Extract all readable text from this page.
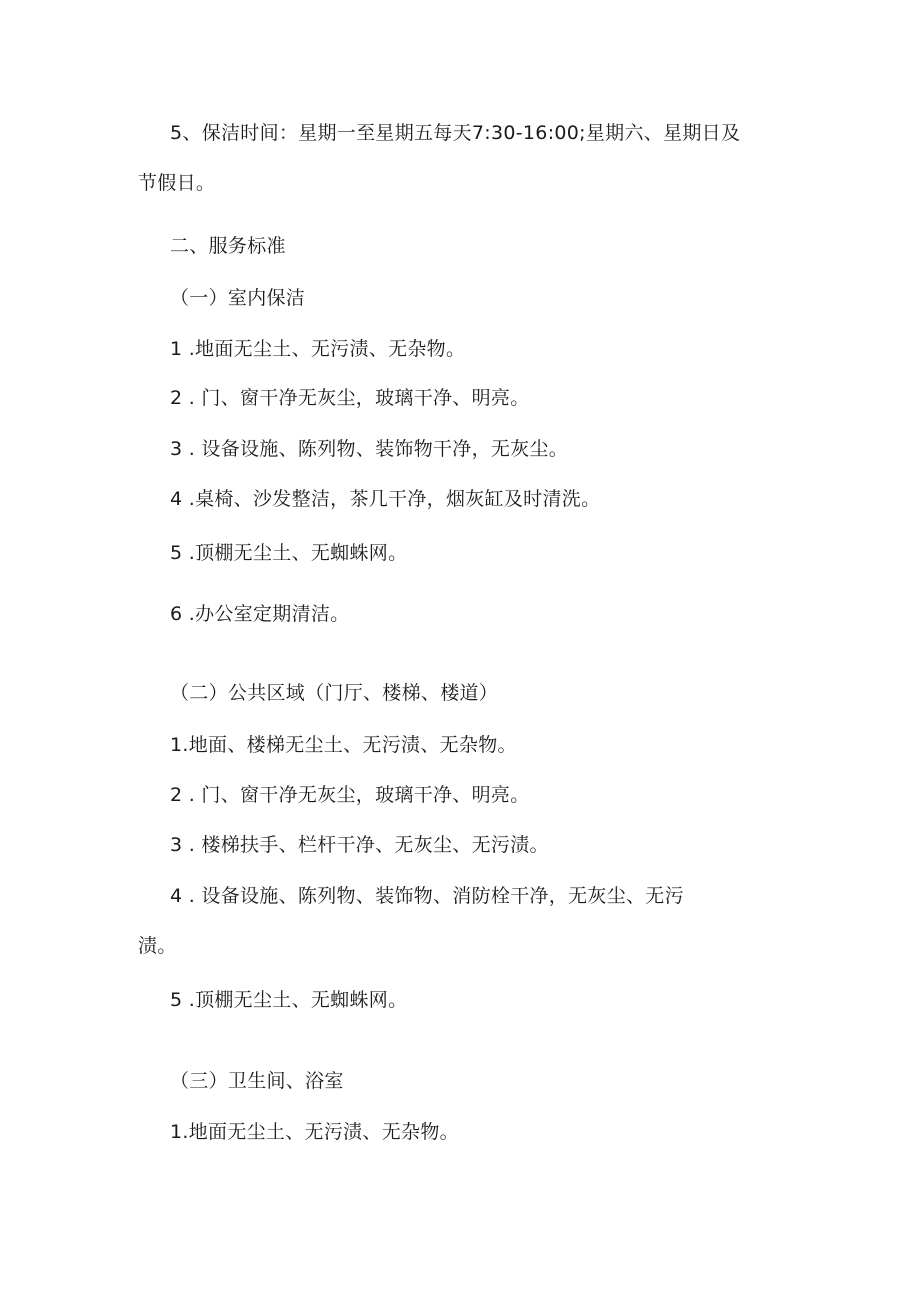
5、保洁时间：星期一至星期五每天7:30-16:00;星期六、星期日及
节假日。
二、服务标准
（一）室内保洁
1 .地面无尘土、无污渍、无杂物。
2 . 门、窗干净无灰尘，玻璃干净、明亮。
3 . 设备设施、陈列物、装饰物干净，无灰尘。
4 .桌椅、沙发整洁，茶几干净，烟灰缸及时清洗。
5 .顶棚无尘土、无蜘蛛网。
6 .办公室定期清洁。
（二）公共区域（门厅、楼梯、楼道）
1.地面、楼梯无尘土、无污渍、无杂物。
2 . 门、窗干净无灰尘，玻璃干净、明亮。
3 . 楼梯扶手、栏杆干净、无灰尘、无污渍。
4 . 设备设施、陈列物、装饰物、消防栓干净，无灰尘、无污
渍。
5 .顶棚无尘土、无蜘蛛网。
（三）卫生间、浴室
1.地面无尘土、无污渍、无杂物。
